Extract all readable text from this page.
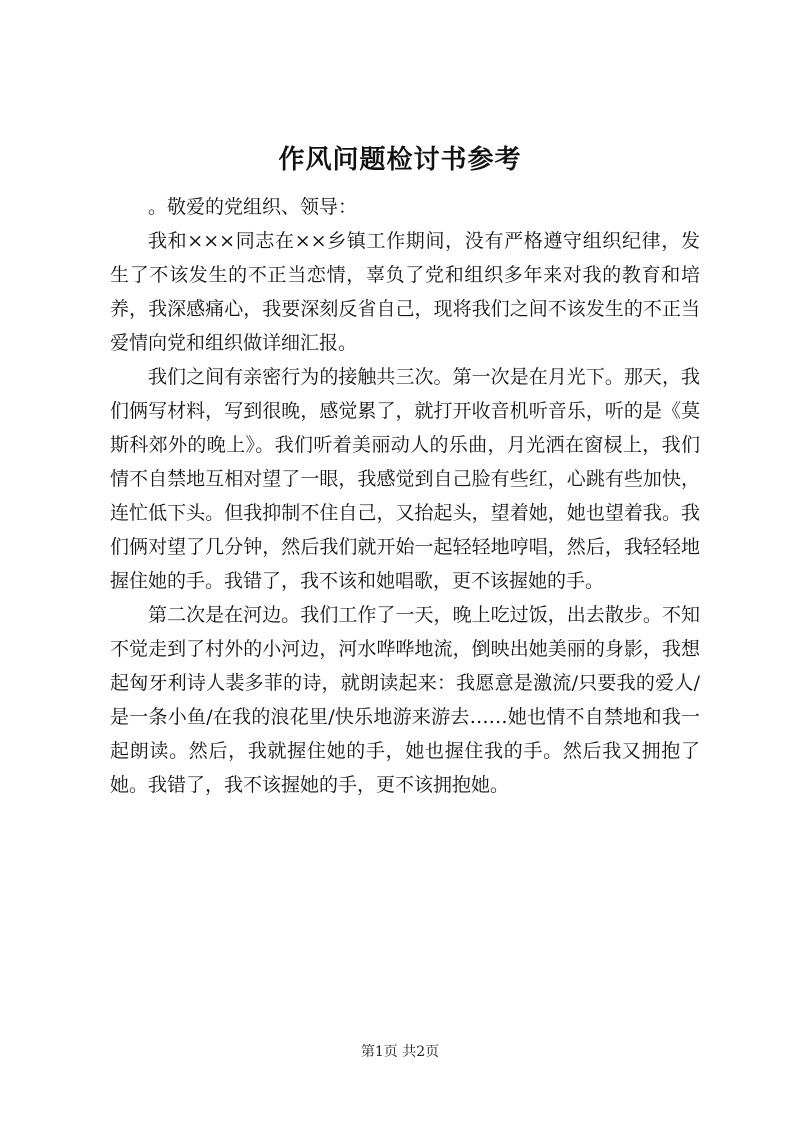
作风问题检讨书参考

。敬爱的党组织、领导：

我和×××同志在××乡镇工作期间，没有严格遵守组织纪律，发生了不该发生的不正当恋情，辜负了党和组织多年来对我的教育和培养，我深感痛心，我要深刻反省自己，现将我们之间不该发生的不正当爱情向党和组织做详细汇报。

我们之间有亲密行为的接触共三次。第一次是在月光下。那天，我们俩写材料，写到很晚，感觉累了，就打开收音机听音乐，听的是《莫斯科郊外的晚上》。我们听着美丽动人的乐曲，月光洒在窗棂上，我们情不自禁地互相对望了一眼，我感觉到自己脸有些红，心跳有些加快，连忙低下头。但我抑制不住自己，又抬起头，望着她，她也望着我。我们俩对望了几分钟，然后我们就开始一起轻轻地哼唱，然后，我轻轻地握住她的手。我错了，我不该和她唱歌，更不该握她的手。

第二次是在河边。我们工作了一天，晚上吃过饭，出去散步。不知不觉走到了村外的小河边，河水哗哗地流，倒映出她美丽的身影，我想起匈牙利诗人裴多菲的诗，就朗读起来：我愿意是激流/只要我的爱人/是一条小鱼/在我的浪花里/快乐地游来游去……她也情不自禁地和我一起朗读。然后，我就握住她的手，她也握住我的手。然后我又拥抱了她。我错了，我不该握她的手，更不该拥抱她。

第1页 共2页
